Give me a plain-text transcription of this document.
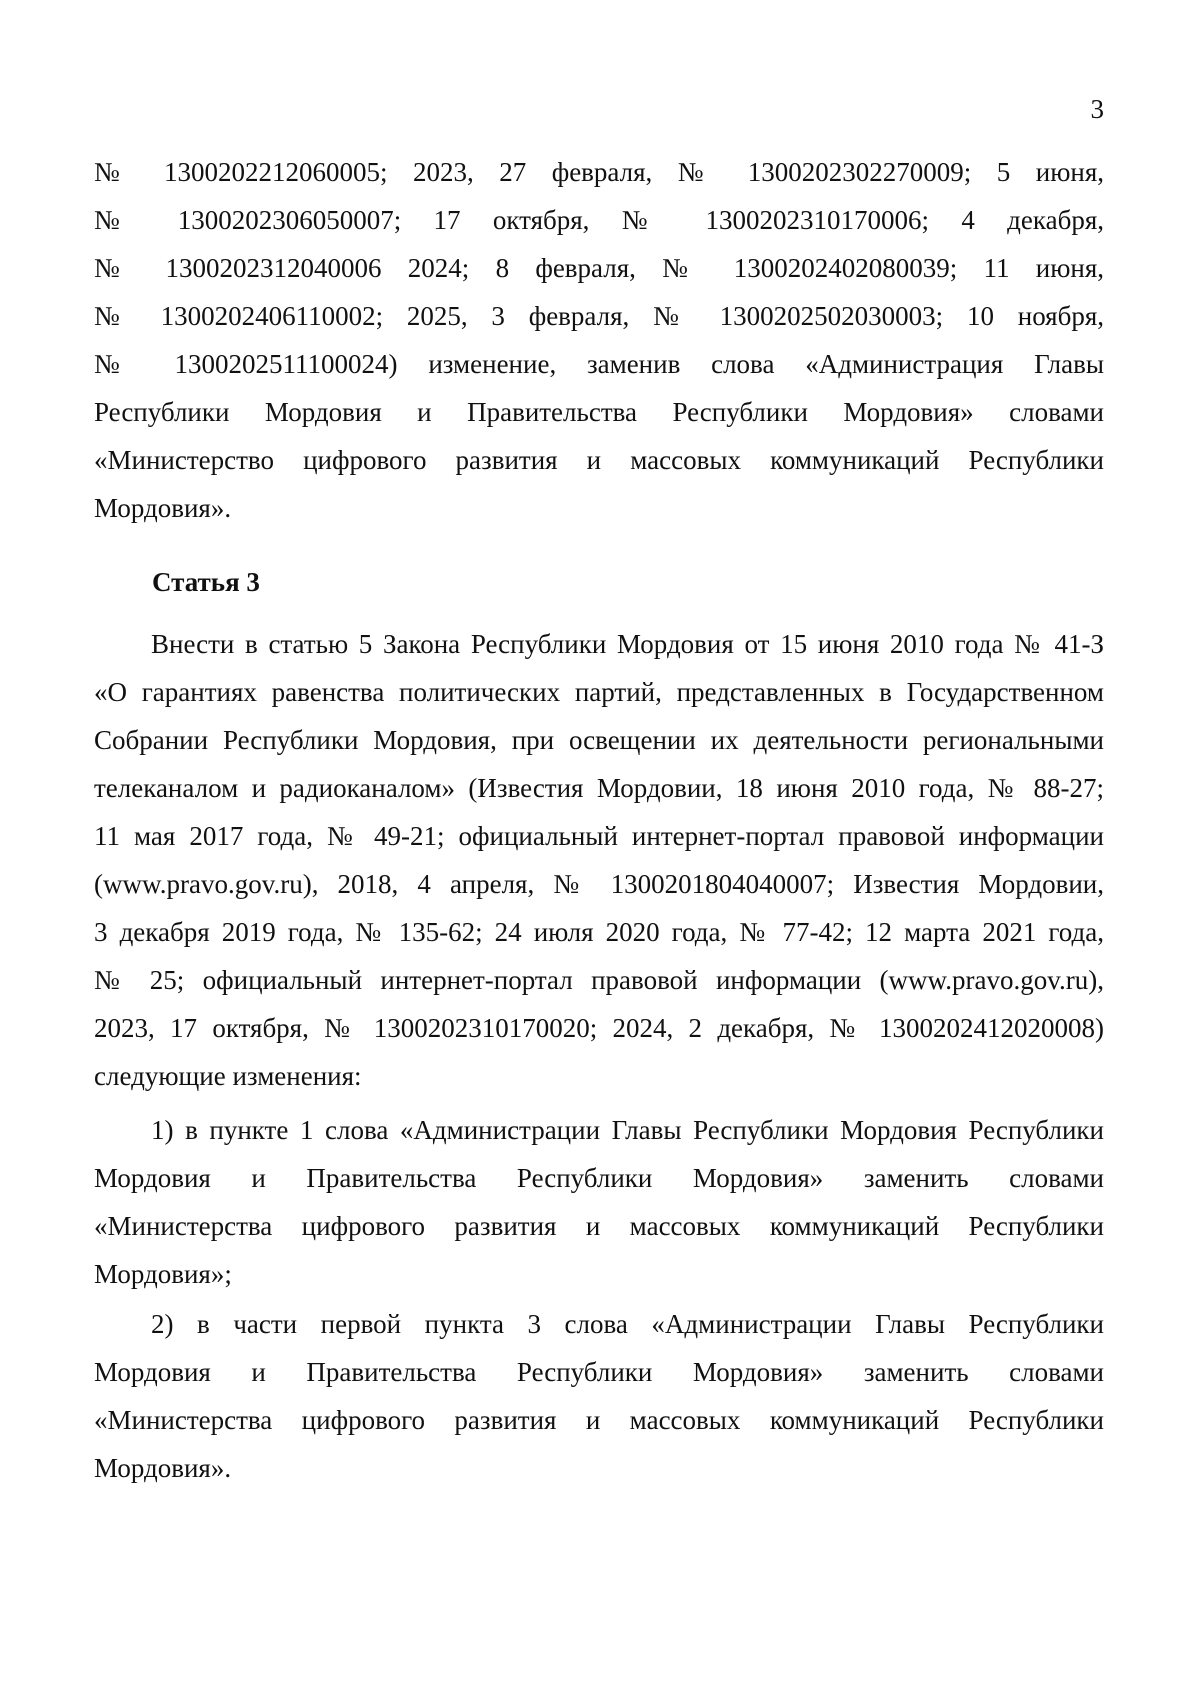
3
№ 1300202212060005; 2023, 27 февраля, № 1300202302270009; 5 июня,
№ 1300202306050007; 17 октября, № 1300202310170006; 4 декабря,
№ 1300202312040006 2024; 8 февраля, № 1300202402080039; 11 июня,
№ 1300202406110002; 2025, 3 февраля, № 1300202502030003; 10 ноября,
№ 1300202511100024) изменение, заменив слова «Администрация Главы
Республики Мордовия и Правительства Республики Мордовия» словами
«Министерство цифрового развития и массовых коммуникаций Республики
Мордовия».
Статья 3
Внести в статью 5 Закона Республики Мордовия от 15 июня 2010 года № 41-З
«О гарантиях равенства политических партий, представленных в Государственном
Собрании Республики Мордовия, при освещении их деятельности региональными
телеканалом и радиоканалом» (Известия Мордовии, 18 июня 2010 года, № 88-27;
11 мая 2017 года, № 49-21; официальный интернет-портал правовой информации
(www.pravo.gov.ru), 2018, 4 апреля, № 1300201804040007; Известия Мордовии,
3 декабря 2019 года, № 135-62; 24 июля 2020 года, № 77-42; 12 марта 2021 года,
№ 25; официальный интернет-портал правовой информации (www.pravo.gov.ru),
2023, 17 октября, № 1300202310170020; 2024, 2 декабря, № 1300202412020008)
следующие изменения:
1) в пункте 1 слова «Администрации Главы Республики Мордовия Республики
Мордовия и Правительства Республики Мордовия» заменить словами
«Министерства цифрового развития и массовых коммуникаций Республики
Мордовия»;
2) в части первой пункта 3 слова «Администрации Главы Республики
Мордовия и Правительства Республики Мордовия» заменить словами
«Министерства цифрового развития и массовых коммуникаций Республики
Мордовия».
